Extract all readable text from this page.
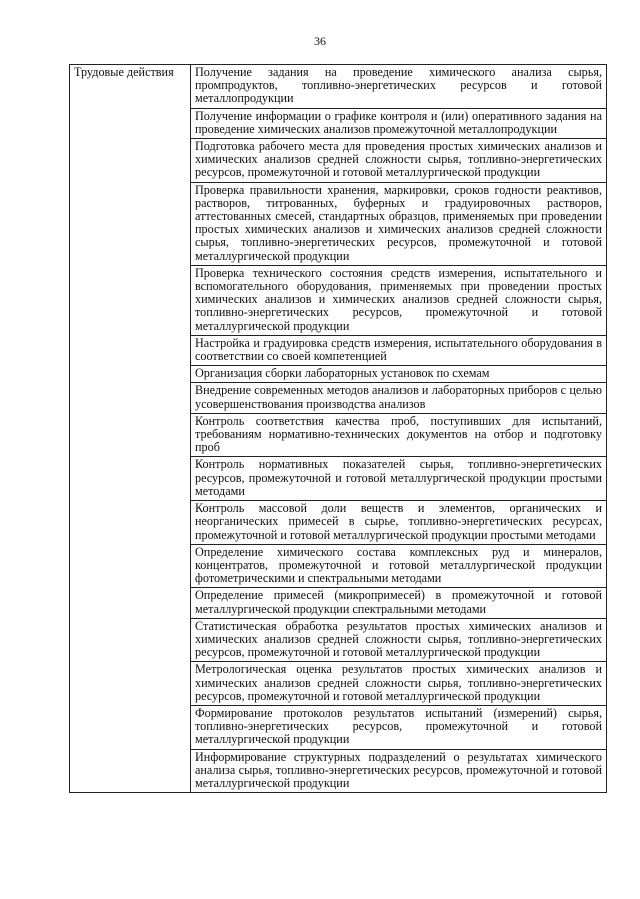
36
Трудовые действия	Получение задания на проведение химического анализа сырья, промпродуктов, топливно-энергетических ресурсов и готовой металлопродукции
Получение информации о графике контроля и (или) оперативного задания на проведение химических анализов промежуточной металлопродукции
Подготовка рабочего места для проведения простых химических анализов и химических анализов средней сложности сырья, топливно-энергетических ресурсов, промежуточной и готовой металлургической продукции
Проверка правильности хранения, маркировки, сроков годности реактивов, растворов, титрованных, буферных и градуировочных растворов, аттестованных смесей, стандартных образцов, применяемых при проведении простых химических анализов и химических анализов средней сложности сырья, топливно-энергетических ресурсов, промежуточной и готовой металлургической продукции
Проверка технического состояния средств измерения, испытательного и вспомогательного оборудования, применяемых при проведении простых химических анализов и химических анализов средней сложности сырья, топливно-энергетических ресурсов, промежуточной и готовой металлургической продукции
Настройка и градуировка средств измерения, испытательного оборудования в соответствии со своей компетенцией
Организация сборки лабораторных установок по схемам
Внедрение современных методов анализов и лабораторных приборов с целью усовершенствования производства анализов
Контроль соответствия качества проб, поступивших для испытаний, требованиям нормативно-технических документов на отбор и подготовку проб
Контроль нормативных показателей сырья, топливно-энергетических ресурсов, промежуточной и готовой металлургической продукции простыми методами
Контроль массовой доли веществ и элементов, органических и неорганических примесей в сырье, топливно-энергетических ресурсах, промежуточной и готовой металлургической продукции простыми методами
Определение химического состава комплексных руд и минералов, концентратов, промежуточной и готовой металлургической продукции фотометрическими и спектральными методами
Определение примесей (микропримесей) в промежуточной и готовой металлургической продукции спектральными методами
Статистическая обработка результатов простых химических анализов и химических анализов средней сложности сырья, топливно-энергетических ресурсов, промежуточной и готовой металлургической продукции
Метрологическая оценка результатов простых химических анализов и химических анализов средней сложности сырья, топливно-энергетических ресурсов, промежуточной и готовой металлургической продукции
Формирование протоколов результатов испытаний (измерений) сырья, топливно-энергетических ресурсов, промежуточной и готовой металлургической продукции
Информирование структурных подразделений о результатах химического анализа сырья, топливно-энергетических ресурсов, промежуточной и готовой металлургической продукции
